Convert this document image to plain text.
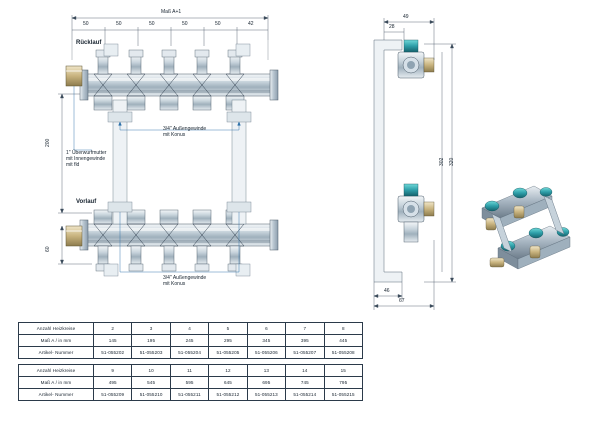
Maß A+1
50	50	50	50	50	42
200
60
Rücklauf
Vorlauf
3/4" Außengewinde
mit Konus
3/4" Außengewinde
mit Konus
1" Überwurfmutter
mit Innengewinde
mit fld
49
28
320
302
46
67
Anzahl Heizkreise	2	3	4	5	6	7	8
Maß A / in mm	145	195	245	295	345	395	445
Artikel- Nummer	51-055202	51-055203	51-055204	51-055205	51-055206	51-055207	51-055208
Anzahl Heizkreise	9	10	11	12	13	14	15
Maß A / in mm	495	545	595	645	695	745	795
Artikel- Nummer	51-055209	51-055210	51-055211	51-055212	51-055213	51-055214	51-055215
